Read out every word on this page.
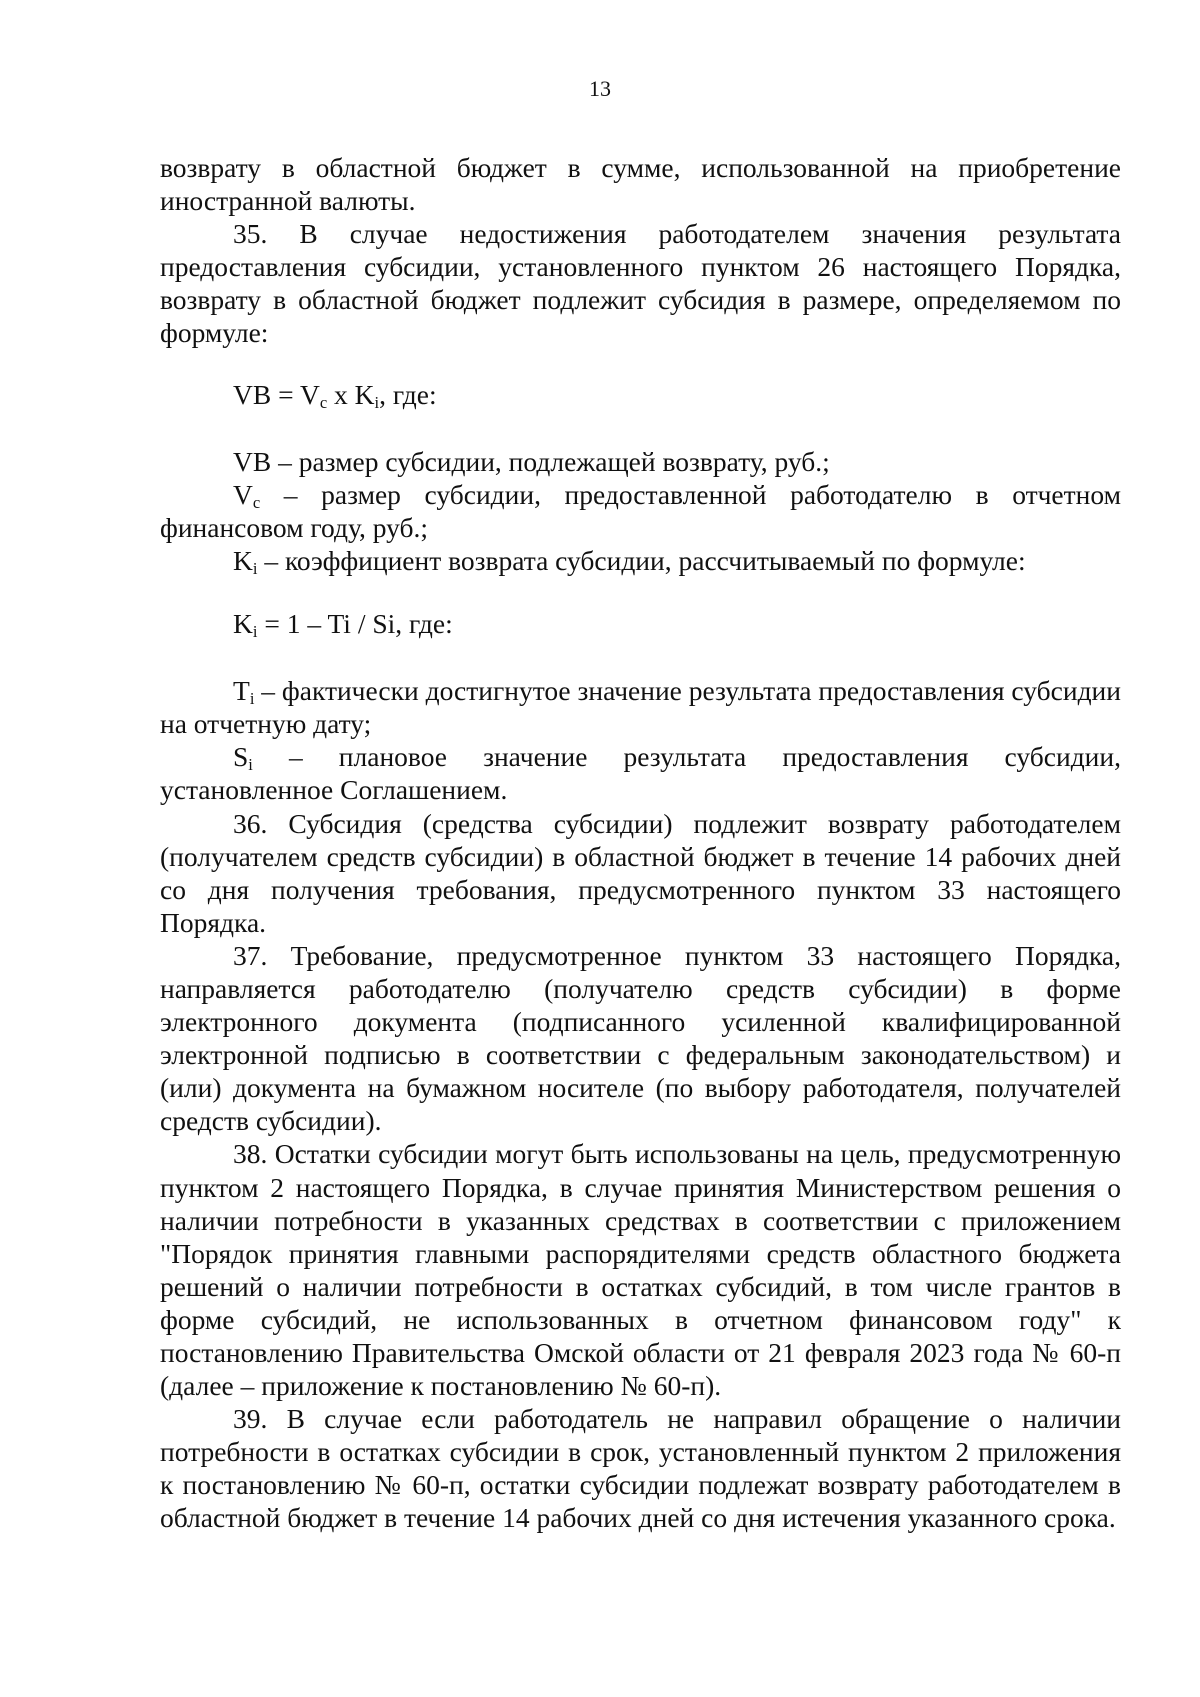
13

возврату в областной бюджет в сумме, использованной на приобретение иностранной валюты.

35. В случае недостижения работодателем значения результата предоставления субсидии, установленного пунктом 26 настоящего Порядка, возврату в областной бюджет подлежит субсидия в размере, определяемом по формуле:

VB = $V_c$ x $K_i$, где:

VB – размер субсидии, подлежащей возврату, руб.;

$V_c$ – размер субсидии, предоставленной работодателю в отчетном финансовом году, руб.;

$K_i$ – коэффициент возврата субсидии, рассчитываемый по формуле:

$K_i = 1 - Ti / Si$, где:

$T_i$ – фактически достигнутое значение результата предоставления субсидии на отчетную дату;

$S_i$ – плановое значение результата предоставления субсидии, установленное Соглашением.

36. Субсидия (средства субсидии) подлежит возврату работодателем (получателем средств субсидии) в областной бюджет в течение 14 рабочих дней со дня получения требования, предусмотренного пунктом 33 настоящего Порядка.

37. Требование, предусмотренное пунктом 33 настоящего Порядка, направляется работодателю (получателю средств субсидии) в форме электронного документа (подписанного усиленной квалифицированной электронной подписью в соответствии с федеральным законодательством) и (или) документа на бумажном носителе (по выбору работодателя, получателей средств субсидии).

38. Остатки субсидии могут быть использованы на цель, предусмотренную пунктом 2 настоящего Порядка, в случае принятия Министерством решения о наличии потребности в указанных средствах в соответствии с приложением "Порядок принятия главными распорядителями средств областного бюджета решений о наличии потребности в остатках субсидий, в том числе грантов в форме субсидий, не использованных в отчетном финансовом году" к постановлению Правительства Омской области от 21 февраля 2023 года № 60-п (далее – приложение к постановлению № 60-п).

39. В случае если работодатель не направил обращение о наличии потребности в остатках субсидии в срок, установленный пунктом 2 приложения к постановлению № 60-п, остатки субсидии подлежат возврату работодателем в областной бюджет в течение 14 рабочих дней со дня истечения указанного срока.
